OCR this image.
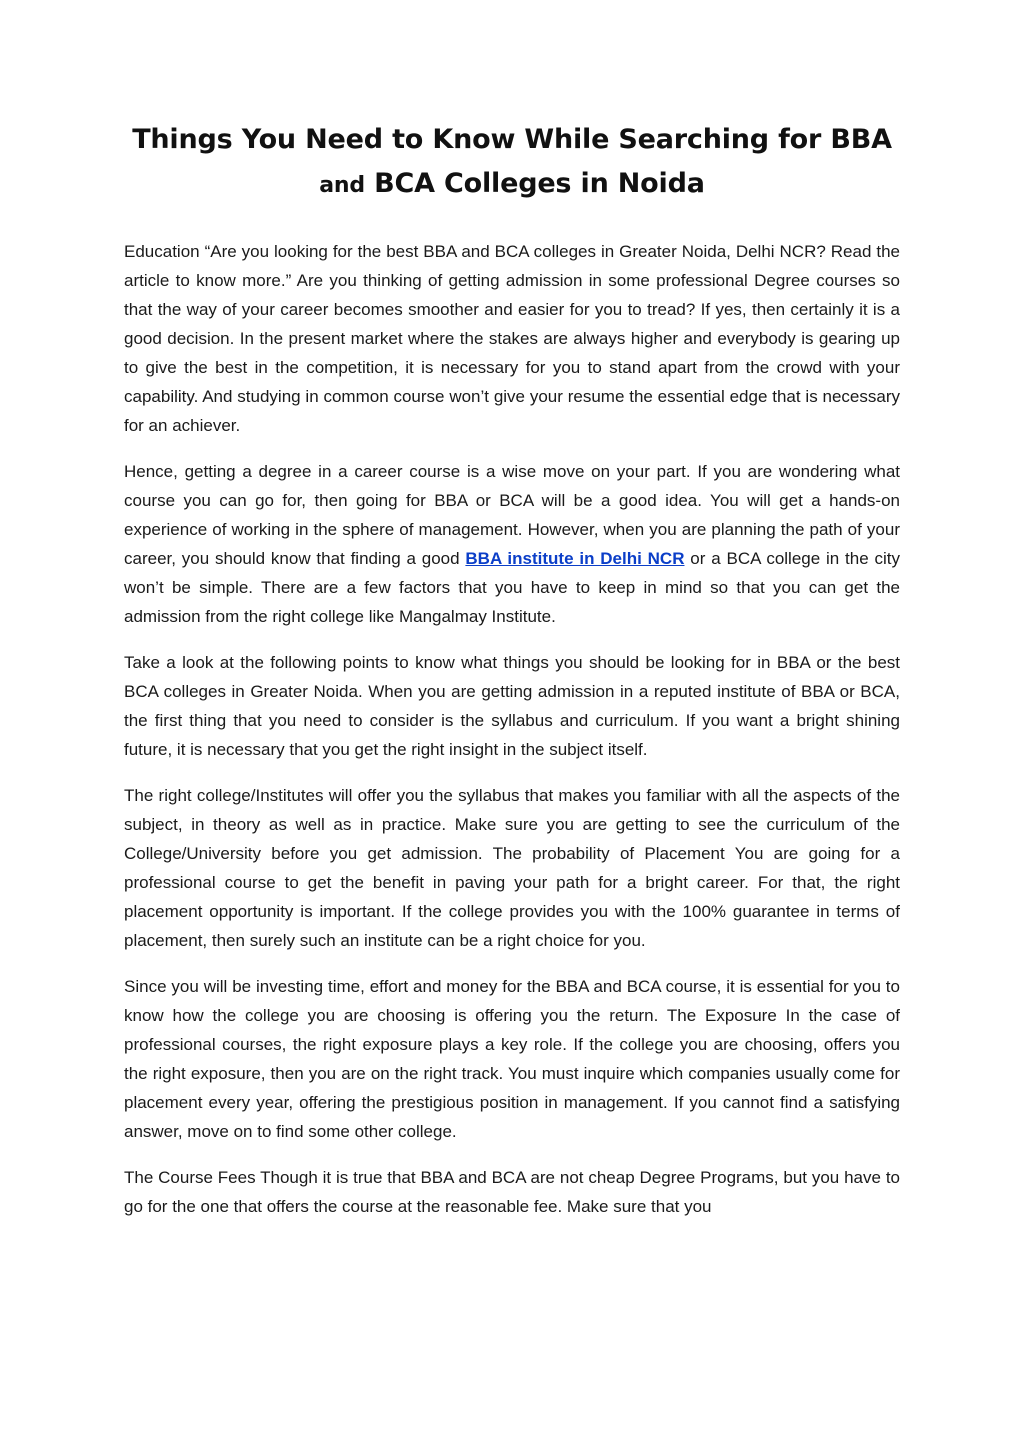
Things You Need to Know While Searching for BBA
and BCA Colleges in Noida

Education “Are you looking for the best BBA and BCA colleges in Greater Noida, Delhi NCR? Read the article to know more.” Are you thinking of getting admission in some professional Degree courses so that the way of your career becomes smoother and easier for you to tread? If yes, then certainly it is a good decision. In the present market where the stakes are always higher and everybody is gearing up to give the best in the competition, it is necessary for you to stand apart from the crowd with your capability. And studying in common course won’t give your resume the essential edge that is necessary for an achiever.

Hence, getting a degree in a career course is a wise move on your part. If you are wondering what course you can go for, then going for BBA or BCA will be a good idea. You will get a hands-on experience of working in the sphere of management. However, when you are planning the path of your career, you should know that finding a good BBA institute in Delhi NCR or a BCA college in the city won’t be simple. There are a few factors that you have to keep in mind so that you can get the admission from the right college like Mangalmay Institute.

Take a look at the following points to know what things you should be looking for in BBA or the best BCA colleges in Greater Noida. When you are getting admission in a reputed institute of BBA or BCA, the first thing that you need to consider is the syllabus and curriculum. If you want a bright shining future, it is necessary that you get the right insight in the subject itself.

The right college/Institutes will offer you the syllabus that makes you familiar with all the aspects of the subject, in theory as well as in practice. Make sure you are getting to see the curriculum of the College/University before you get admission. The probability of Placement You are going for a professional course to get the benefit in paving your path for a bright career. For that, the right placement opportunity is important. If the college provides you with the 100% guarantee in terms of placement, then surely such an institute can be a right choice for you.

Since you will be investing time, effort and money for the BBA and BCA course, it is essential for you to know how the college you are choosing is offering you the return. The Exposure In the case of professional courses, the right exposure plays a key role. If the college you are choosing, offers you the right exposure, then you are on the right track. You must inquire which companies usually come for placement every year, offering the prestigious position in management. If you cannot find a satisfying answer, move on to find some other college.

The Course Fees Though it is true that BBA and BCA are not cheap Degree Programs, but you have to go for the one that offers the course at the reasonable fee. Make sure that you
